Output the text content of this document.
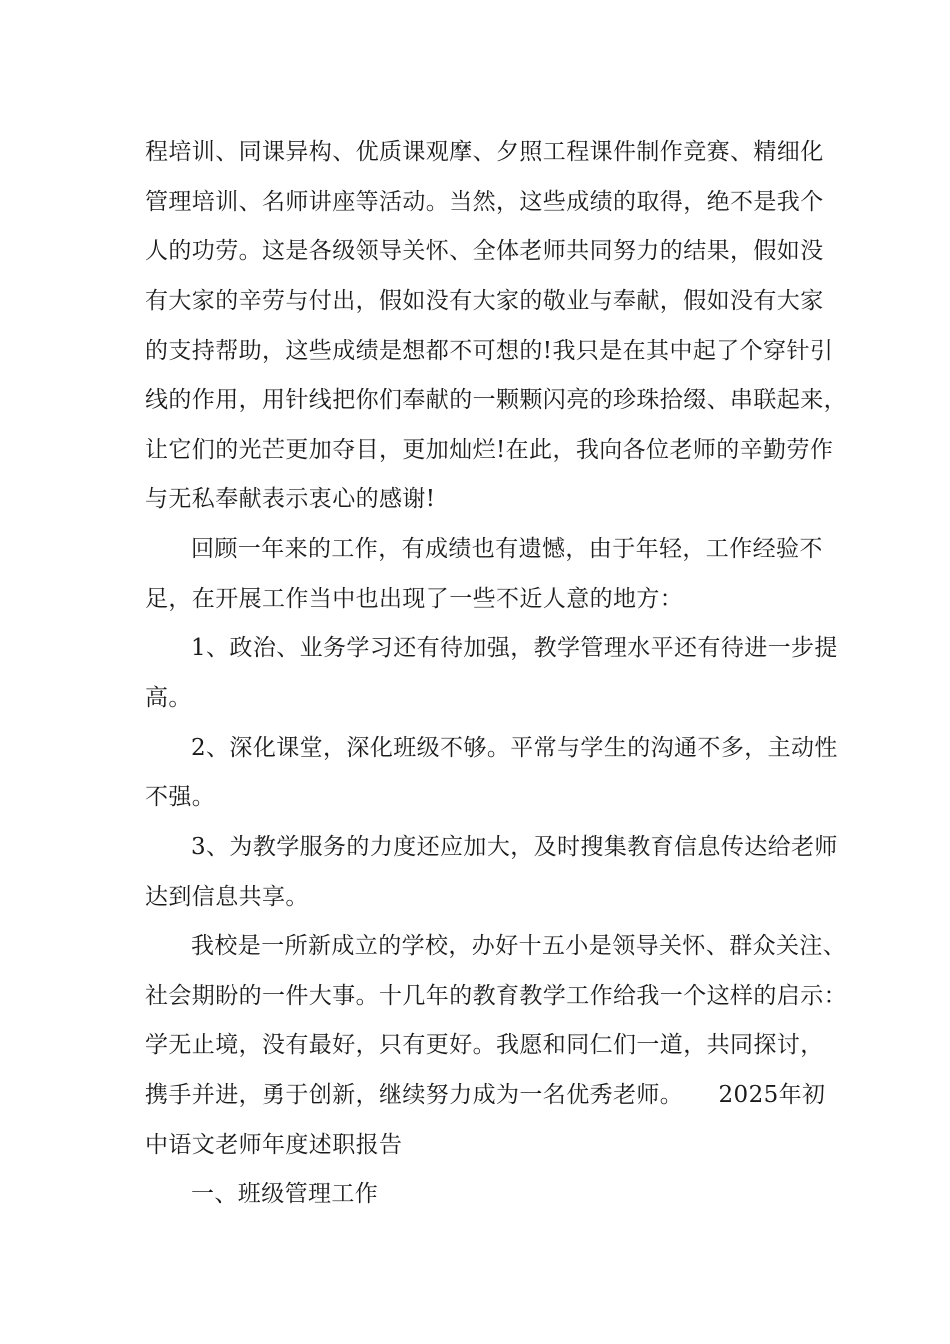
程培训、同课异构、优质课观摩、夕照工程课件制作竞赛、精细化
管理培训、名师讲座等活动。当然，这些成绩的取得，绝不是我个
人的功劳。这是各级领导关怀、全体老师共同努力的结果，假如没
有大家的辛劳与付出，假如没有大家的敬业与奉献，假如没有大家
的支持帮助，这些成绩是想都不可想的!我只是在其中起了个穿针引
线的作用，用针线把你们奉献的一颗颗闪亮的珍珠拾缀、串联起来，
让它们的光芒更加夺目，更加灿烂!在此，我向各位老师的辛勤劳作
与无私奉献表示衷心的感谢!
回顾一年来的工作，有成绩也有遗憾，由于年轻，工作经验不
足，在开展工作当中也出现了一些不近人意的地方：
1、政治、业务学习还有待加强，教学管理水平还有待进一步提
高。
2、深化课堂，深化班级不够。平常与学生的沟通不多，主动性
不强。
3、为教学服务的力度还应加大，及时搜集教育信息传达给老师
达到信息共享。
我校是一所新成立的学校，办好十五小是领导关怀、群众关注、
社会期盼的一件大事。十几年的教育教学工作给我一个这样的启示：
学无止境，没有最好，只有更好。我愿和同仁们一道，共同探讨，
携手并进，勇于创新，继续努力成为一名优秀老师。　　2025年初
中语文老师年度述职报告
一、班级管理工作
